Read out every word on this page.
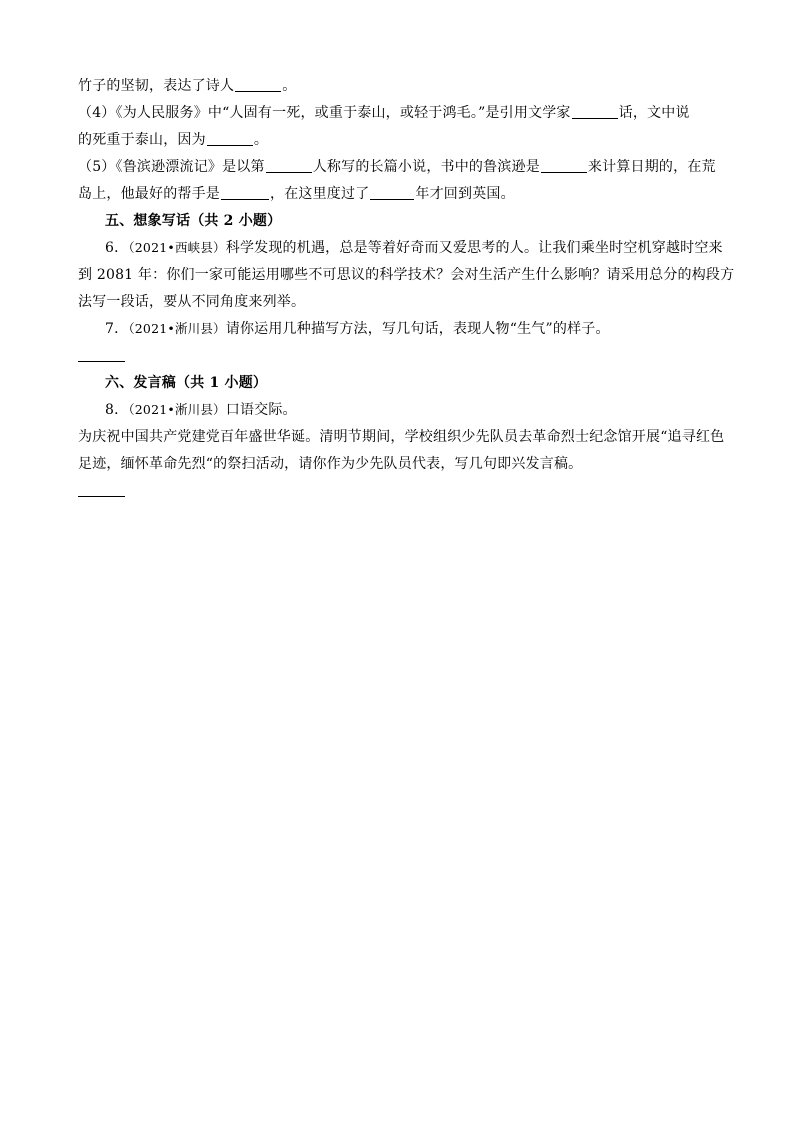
竹子的坚韧，表达了诗人	。
（4）《为人民服务》中“人固有一死，或重于泰山，或轻于鸿毛。”是引用文学家	话，文中说
的死重于泰山，因为	。
（5）《鲁滨逊漂流记》是以第	人称写的长篇小说，书中的鲁滨逊是	来计算日期的，在荒
岛上，他最好的帮手是	，在这里度过了	年才回到英国。
五、想象写话（共 2 小题）
6．（2021•西峡县）科学发现的机遇，总是等着好奇而又爱思考的人。让我们乘坐时空机穿越时空来
到 2081 年：你们一家可能运用哪些不可思议的科学技术？会对生活产生什么影响？请采用总分的构段方
法写一段话，要从不同角度来列举。
7．（2021•淅川县）请你运用几种描写方法，写几句话，表现人物“生气”的样子。
六、发言稿（共 1 小题）
8．（2021•淅川县）口语交际。
为庆祝中国共产党建党百年盛世华诞。清明节期间，学校组织少先队员去革命烈士纪念馆开展“追寻红色
足迹，缅怀革命先烈“的祭扫活动，请你作为少先队员代表，写几句即兴发言稿。
